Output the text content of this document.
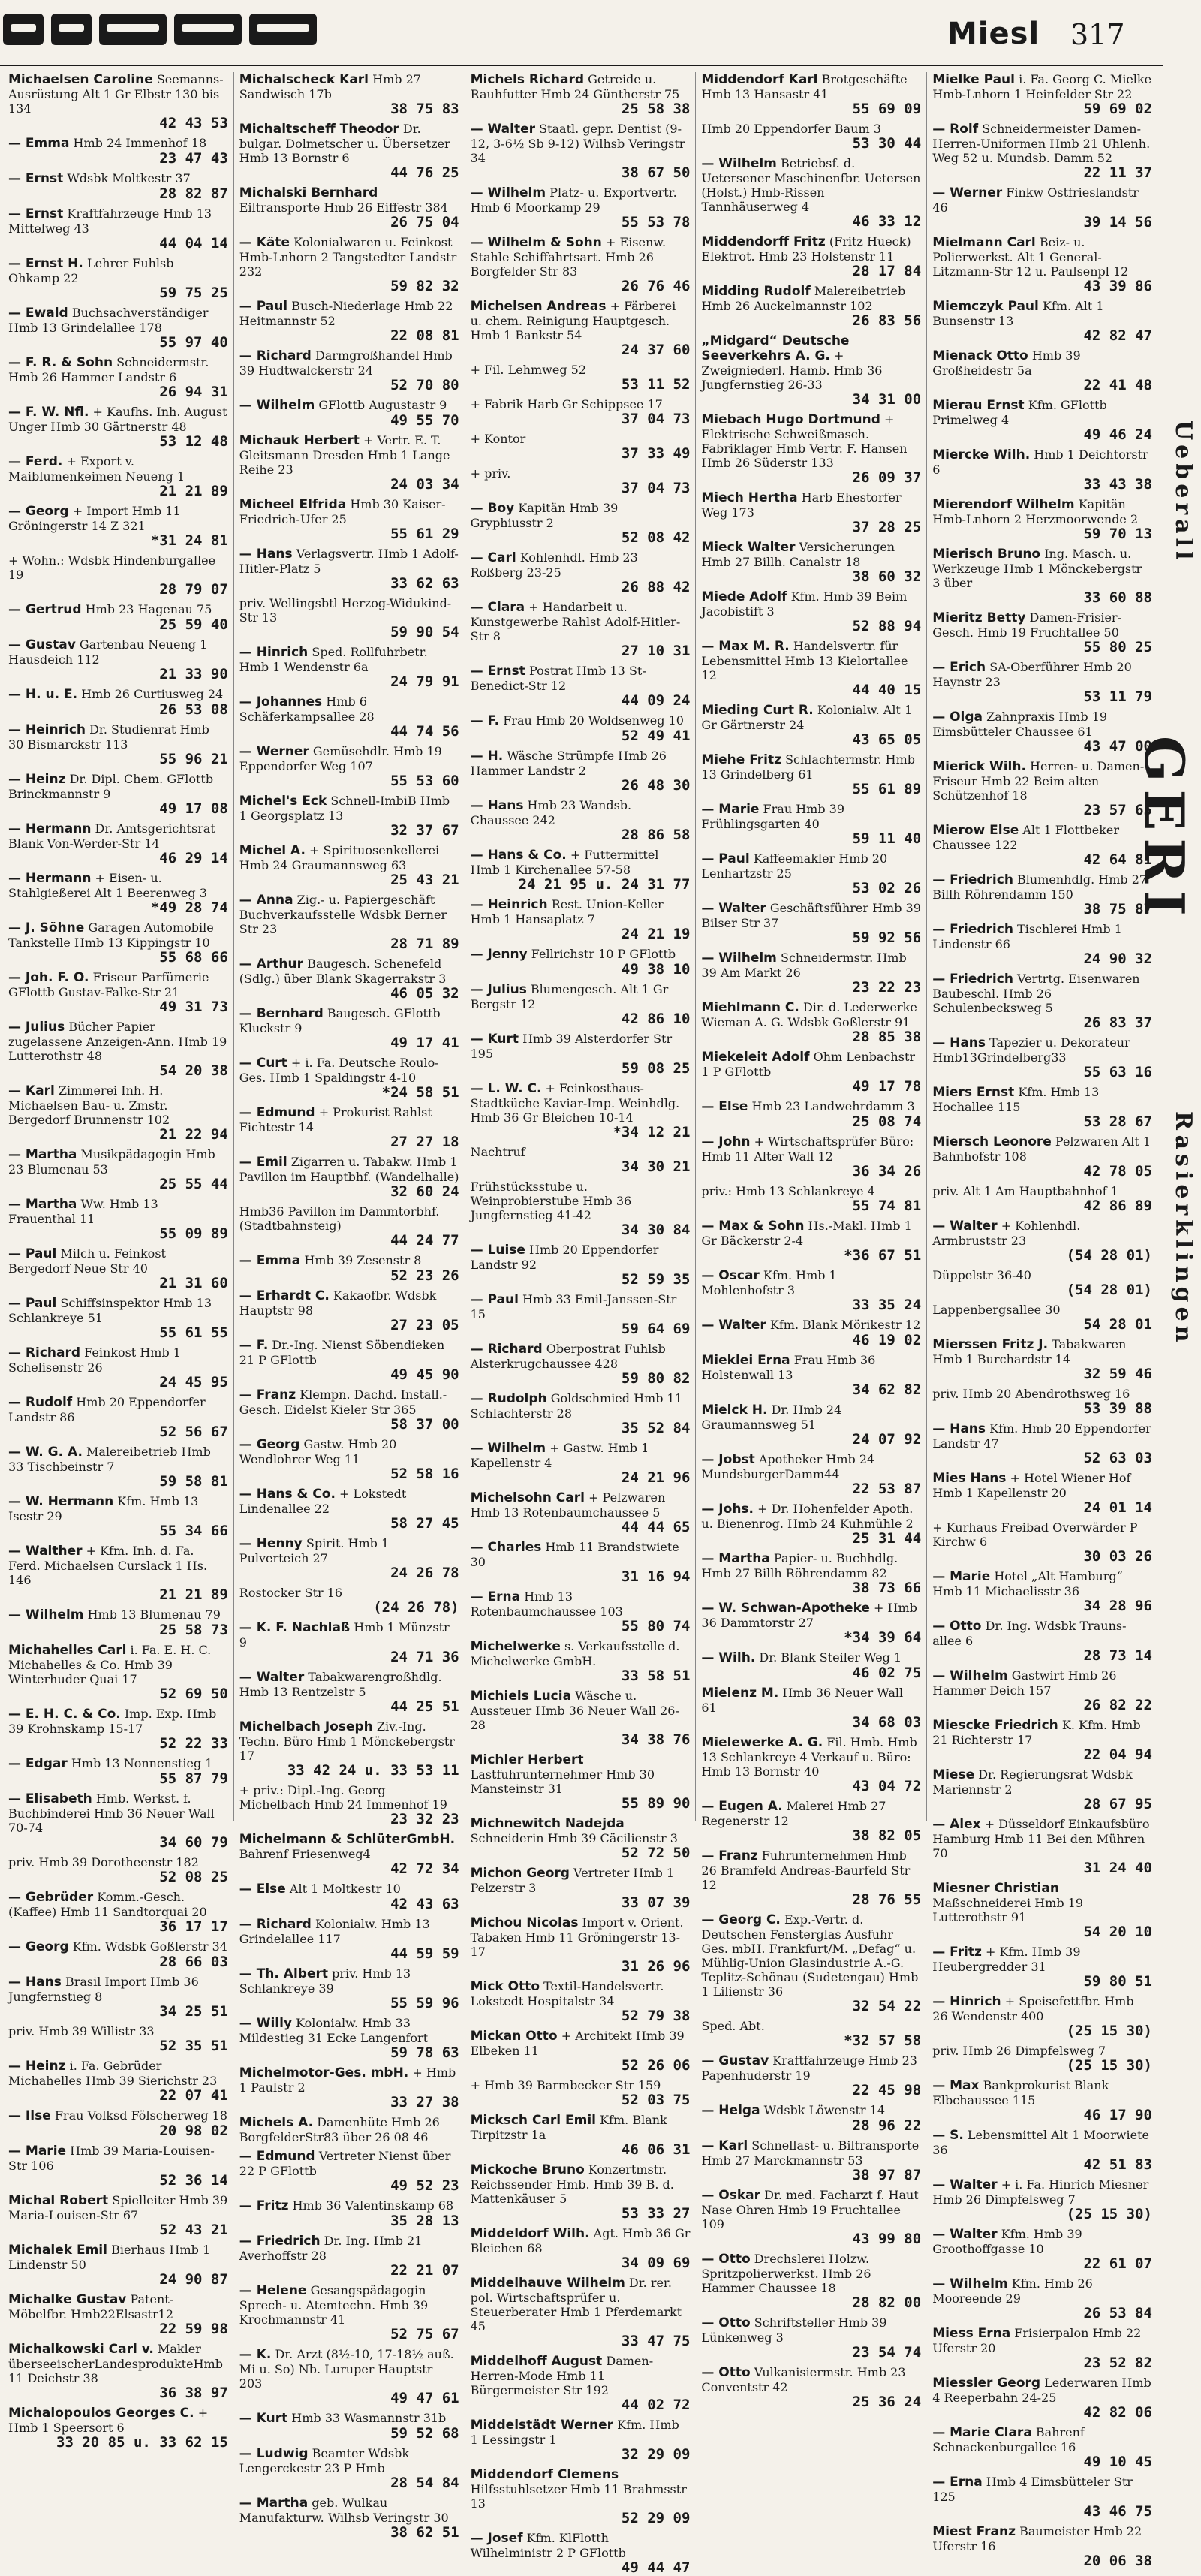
Miesl 317
Michaelsen Caroline Seemanns-Ausrüstung Alt 1 Gr Elbstr 130 bis 134
42 43 53
— Emma Hmb 24 Immenhof 18
23 47 43
— Ernst Wdsbk Moltkestr 37
28 82 87
— Ernst Kraftfahrzeuge Hmb 13 Mittelweg 43
44 04 14
— Ernst H. Lehrer Fuhlsb Ohkamp 22
59 75 25
— Ewald Buchsachverständiger Hmb 13 Grindelallee 178
55 97 40
— F. R. & Sohn Schneidermstr. Hmb 26 Hammer Landstr 6
26 94 31
— F. W. Nfl. + Kaufhs. Inh. August Unger Hmb 30 Gärtnerstr 48
53 12 48
— Ferd. + Export v. Maiblumenkeimen Neueng 1
21 21 89
— Georg + Import Hmb 11 Gröningerstr 14 Z 321
*31 24 81
+ Wohn.: Wdsbk Hindenburgallee 19
28 79 07
— Gertrud Hmb 23 Hagenau 75
25 59 40
— Gustav Gartenbau Neueng 1 Hausdeich 112
21 33 90
— H. u. E. Hmb 26 Curtiusweg 24
26 53 08
— Heinrich Dr. Studienrat Hmb 30 Bismarckstr 113
55 96 21
— Heinz Dr. Dipl. Chem. GFlottb Brinckmannstr 9
49 17 08
— Hermann Dr. Amtsgerichtsrat Blank Von-Werder-Str 14
46 29 14
— Hermann + Eisen- u. Stahlgießerei Alt 1 Beerenweg 3
*49 28 74
— J. Söhne Garagen Automobile Tankstelle Hmb 13 Kippingstr 10
55 68 66
— Joh. F. O. Friseur Parfümerie GFlottb Gustav-Falke-Str 21
49 31 73
— Julius Bücher Papier zugelassene Anzeigen-Ann. Hmb 19 Lutterothstr 48
54 20 38
— Karl Zimmerei Inh. H. Michaelsen Bau- u. Zmstr. Bergedorf Brunnenstr 102
21 22 94
— Martha Musikpädagogin Hmb 23 Blumenau 53
25 55 44
— Martha Ww. Hmb 13 Frauenthal 11
55 09 89
— Paul Milch u. Feinkost Bergedorf Neue Str 40
21 31 60
— Paul Schiffsinspektor Hmb 13 Schlankreye 51
55 61 55
— Richard Feinkost Hmb 1 Schelisenstr 26
24 45 95
— Rudolf Hmb 20 Eppendorfer Landstr 86
52 56 67
— W. G. A. Malereibetrieb Hmb 33 Tischbeinstr 7
59 58 81
— W. Hermann Kfm. Hmb 13 Isestr 29
55 34 66
— Walther + Kfm. Inh. d. Fa. Ferd. Michaelsen Curslack 1 Hs. 146
21 21 89
— Wilhelm Hmb 13 Blumenau 79
25 58 73
Michahelles Carl i. Fa. E. H. C. Michahelles & Co. Hmb 39 Winterhuder Quai 17
52 69 50
— E. H. C. & Co. Imp. Exp. Hmb 39 Krohnskamp 15-17
52 22 33
— Edgar Hmb 13 Nonnenstieg 1
55 87 79
— Elisabeth Hmb. Werkst. f. Buchbinderei Hmb 36 Neuer Wall 70-74
34 60 79
priv. Hmb 39 Dorotheenstr 182
52 08 25
— Gebrüder Komm.-Gesch. (Kaffee) Hmb 11 Sandtorquai 20
36 17 17
— Georg Kfm. Wdsbk Goßlerstr 34
28 66 03
— Hans Brasil Import Hmb 36 Jungfernstieg 8
34 25 51
priv. Hmb 39 Willistr 33
52 35 51
— Heinz i. Fa. Gebrüder Michahelles Hmb 39 Sierichstr 23
22 07 41
— Ilse Frau Volksd Fölscherweg 18
20 98 02
— Marie Hmb 39 Maria-Louisen-Str 106
52 36 14
Michal Robert Spielleiter Hmb 39 Maria-Louisen-Str 67
52 43 21
Michalek Emil Bierhaus Hmb 1 Lindenstr 50
24 90 87
Michalke Gustav Patent-Möbelfbr. Hmb22Elsastr12
22 59 98
Michalkowski Carl v. Makler überseeischerLandesprodukteHmb 11 Deichstr 38
36 38 97
Michalopoulos Georges C. + Hmb 1 Speersort 6
33 20 85 u. 33 62 15
Michalscheck Karl Hmb 27 Sandwisch 17b
38 75 83
Michaltscheff Theodor Dr. bulgar. Dolmetscher u. Übersetzer Hmb 13 Bornstr 6
44 76 25
Michalski Bernhard Eiltransporte Hmb 26 Eiffestr 384
26 75 04
— Käte Kolonialwaren u. Feinkost Hmb-Lnhorn 2 Tangstedter Landstr 232
59 82 32
— Paul Busch-Niederlage Hmb 22 Heitmannstr 52
22 08 81
— Richard Darmgroßhandel Hmb 39 Hudtwalckerstr 24
52 70 80
— Wilhelm GFlottb Augustastr 9
49 55 70
Michauk Herbert + Vertr. E. T. Gleitsmann Dresden Hmb 1 Lange Reihe 23
24 03 34
Micheel Elfrida Hmb 30 Kaiser-Friedrich-Ufer 25
55 61 29
— Hans Verlagsvertr. Hmb 1 Adolf-Hitler-Platz 5
33 62 63
priv. Wellingsbtl Herzog-Widukind-Str 13
59 90 54
— Hinrich Sped. Rollfuhrbetr. Hmb 1 Wendenstr 6a
24 79 91
— Johannes Hmb 6 Schäferkampsallee 28
44 74 56
— Werner Gemüsehdlr. Hmb 19 Eppendorfer Weg 107
55 53 60
Michel's Eck Schnell-ImbiB Hmb 1 Georgsplatz 13
32 37 67
Michel A. + Spirituosenkellerei Hmb 24 Graumannsweg 63
25 43 21
— Anna Zig.- u. Papiergeschäft Buchverkaufsstelle Wdsbk Berner Str 23
28 71 89
— Arthur Baugesch. Schenefeld (Sdlg.) über Blank Skagerrakstr 3
46 05 32
— Bernhard Baugesch. GFlottb Kluckstr 9
49 17 41
— Curt + i. Fa. Deutsche Roulo-Ges. Hmb 1 Spaldingstr 4-10
*24 58 51
— Edmund + Prokurist Rahlst Fichtestr 14
27 27 18
— Emil Zigarren u. Tabakw. Hmb 1 Pavillon im Hauptbhf. (Wandelhalle)
32 60 24
Hmb36 Pavillon im Dammtorbhf. (Stadtbahnsteig)
44 24 77
— Emma Hmb 39 Zesenstr 8
52 23 26
— Erhardt C. Kakaofbr. Wdsbk Hauptstr 98
27 23 05
— F. Dr.-Ing. Nienst Söbendieken 21 P GFlottb
49 45 90
— Franz Klempn. Dachd. Install.-Gesch. Eidelst Kieler Str 365
58 37 00
— Georg Gastw. Hmb 20 Wendlohrer Weg 11
52 58 16
— Hans & Co. + Lokstedt Lindenallee 22
58 27 45
— Henny Spirit. Hmb 1 Pulverteich 27
24 26 78
Rostocker Str 16
(24 26 78)
— K. F. Nachlaß Hmb 1 Münzstr 9
24 71 36
— Walter Tabakwarengroßhdlg. Hmb 13 Rentzelstr 5
44 25 51
Michelbach Joseph Ziv.-Ing. Techn. Büro Hmb 1 Mönckebergstr 17
33 42 24 u. 33 53 11
+ priv.: Dipl.-Ing. Georg Michelbach Hmb 24 Immenhof 19
23 32 23
Michelmann & SchlüterGmbH. Bahrenf Friesenweg4
42 72 34
— Else Alt 1 Moltkestr 10
42 43 63
— Richard Kolonialw. Hmb 13 Grindelallee 117
44 59 59
— Th. Albert priv. Hmb 13 Schlankreye 39
55 59 96
— Willy Kolonialw. Hmb 33 Mildestieg 31 Ecke Langenfort
59 78 63
Michelmotor-Ges. mbH. + Hmb 1 Paulstr 2
33 27 38
Michels A. Damenhüte Hmb 26 BorgfelderStr83 über 26 08 46
— Edmund Vertreter Nienst über 22 P GFlottb
49 52 23
— Fritz Hmb 36 Valentinskamp 68
35 28 13
— Friedrich Dr. Ing. Hmb 21 Averhoffstr 28
22 21 07
— Helene Gesangspädagogin Sprech- u. Atemtechn. Hmb 39 Krochmannstr 41
52 75 67
— K. Dr. Arzt (8½-10, 17-18½ auß. Mi u. So) Nb. Luruper Hauptstr 203
49 47 61
— Kurt Hmb 33 Wasmannstr 31b
59 52 68
— Ludwig Beamter Wdsbk Lengerckestr 23 P Hmb
28 54 84
— Martha geb. Wulkau Manufakturw. Wilhsb Veringstr 30
38 62 51
Michels Richard Getreide u. Rauhfutter Hmb 24 Güntherstr 75
25 58 38
— Walter Staatl. gepr. Dentist (9-12, 3-6½ Sb 9-12) Wilhsb Veringstr 34
38 67 50
— Wilhelm Platz- u. Exportvertr. Hmb 6 Moorkamp 29
55 53 78
— Wilhelm & Sohn + Eisenw. Stahle Schiffahrtsart. Hmb 26 Borgfelder Str 83
26 76 46
Michelsen Andreas + Färberei u. chem. Reinigung Hauptgesch. Hmb 1 Bankstr 54
24 37 60
+ Fil. Lehmweg 52
53 11 52
+ Fabrik Harb Gr Schippsee 17
37 04 73
+ Kontor
37 33 49
+ priv.
37 04 73
— Boy Kapitän Hmb 39 Gryphiusstr 2
52 08 42
— Carl Kohlenhdl. Hmb 23 Roßberg 23-25
26 88 42
— Clara + Handarbeit u. Kunstgewerbe Rahlst Adolf-Hitler-Str 8
27 10 31
— Ernst Postrat Hmb 13 St-Benedict-Str 12
44 09 24
— F. Frau Hmb 20 Woldsenweg 10
52 49 41
— H. Wäsche Strümpfe Hmb 26 Hammer Landstr 2
26 48 30
— Hans Hmb 23 Wandsb. Chaussee 242
28 86 58
— Hans & Co. + Futtermittel Hmb 1 Kirchenallee 57-58
24 21 95 u. 24 31 77
— Heinrich Rest. Union-Keller Hmb 1 Hansaplatz 7
24 21 19
— Jenny Fellrichstr 10 P GFlottb
49 38 10
— Julius Blumengesch. Alt 1 Gr Bergstr 12
42 86 10
— Kurt Hmb 39 Alsterdorfer Str 195
59 08 25
— L. W. C. + Feinkosthaus-Stadtküche Kaviar-Imp. Weinhdlg. Hmb 36 Gr Bleichen 10-14
*34 12 21
Nachtruf
34 30 21
Frühstücksstube u. Weinprobierstube Hmb 36 Jungfernstieg 41-42
34 30 84
— Luise Hmb 20 Eppendorfer Landstr 92
52 59 35
— Paul Hmb 33 Emil-Janssen-Str 15
59 64 69
— Richard Oberpostrat Fuhlsb Alsterkrugchaussee 428
59 80 82
— Rudolph Goldschmied Hmb 11 Schlachterstr 28
35 52 84
— Wilhelm + Gastw. Hmb 1 Kapellenstr 4
24 21 96
Michelsohn Carl + Pelzwaren Hmb 13 Rotenbaumchaussee 5
44 44 65
— Charles Hmb 11 Brandstwiete 30
31 16 94
— Erna Hmb 13 Rotenbaumchaussee 103
55 80 74
Michelwerke s. Verkaufsstelle d. Michelwerke GmbH.
33 58 51
Michiels Lucia Wäsche u. Aussteuer Hmb 36 Neuer Wall 26-28
34 38 76
Michler Herbert Lastfuhrunternehmer Hmb 30 Mansteinstr 31
55 89 90
Michnewitch Nadejda Schneiderin Hmb 39 Cäcilienstr 3
52 72 50
Michon Georg Vertreter Hmb 1 Pelzerstr 3
33 07 39
Michou Nicolas Import v. Orient. Tabaken Hmb 11 Gröningerstr 13-17
31 26 96
Mick Otto Textil-Handelsvertr. Lokstedt Hospitalstr 34
52 79 38
Mickan Otto + Architekt Hmb 39 Elbeken 11
52 26 06
+ Hmb 39 Barmbecker Str 159
52 03 75
Micksch Carl Emil Kfm. Blank Tirpitzstr 1a
46 06 31
Mickoche Bruno Konzertmstr. Reichssender Hmb. Hmb 39 B. d. Mattenkäuser 5
53 33 27
Middeldorf Wilh. Agt. Hmb 36 Gr Bleichen 68
34 09 69
Middelhauve Wilhelm Dr. rer. pol. Wirtschaftsprüfer u. Steuerberater Hmb 1 Pferdemarkt 45
33 47 75
Middelhoff August Damen-Herren-Mode Hmb 11 Bürgermeister Str 192
44 02 72
Middelstädt Werner Kfm. Hmb 1 Lessingstr 1
32 29 09
Middendorf Clemens Hilfsstuhlsetzer Hmb 11 Brahmsstr 13
52 29 09
— Josef Kfm. KlFlotth Wilhelministr 2 P GFlottb
49 44 47
Middendorf Karl Brotgeschäfte Hmb 13 Hansastr 41
55 69 09
Hmb 20 Eppendorfer Baum 3
53 30 44
— Wilhelm Betriebsf. d. Uetersener Maschinenfbr. Uetersen (Holst.) Hmb-Rissen Tannhäuserweg 4
46 33 12
Middendorff Fritz (Fritz Hueck) Elektrot. Hmb 23 Holstenstr 11
28 17 84
Midding Rudolf Malereibetrieb Hmb 26 Auckelmannstr 102
26 83 56
„Midgard“ Deutsche Seeverkehrs A. G. + Zweigniederl. Hamb. Hmb 36 Jungfernstieg 26-33
34 31 00
Miebach Hugo Dortmund + Elektrische Schweißmasch. Fabriklager Hmb Vertr. F. Hansen Hmb 26 Süderstr 133
26 09 37
Miech Hertha Harb Ehestorfer Weg 173
37 28 25
Mieck Walter Versicherungen Hmb 27 Billh. Canalstr 18
38 60 32
Miede Adolf Kfm. Hmb 39 Beim Jacobistift 3
52 88 94
— Max M. R. Handelsvertr. für Lebensmittel Hmb 13 Kielortallee 12
44 40 15
Mieding Curt R. Kolonialw. Alt 1 Gr Gärtnerstr 24
43 65 05
Miehe Fritz Schlachtermstr. Hmb 13 Grindelberg 61
55 61 89
— Marie Frau Hmb 39 Frühlingsgarten 40
59 11 40
— Paul Kaffeemakler Hmb 20 Lenhartzstr 25
53 02 26
— Walter Geschäftsführer Hmb 39 Bilser Str 37
59 92 56
— Wilhelm Schneidermstr. Hmb 39 Am Markt 26
23 22 23
Miehlmann C. Dir. d. Lederwerke Wieman A. G. Wdsbk Goßlerstr 91
28 85 38
Miekeleit Adolf Ohm Lenbachstr 1 P GFlottb
49 17 78
— Else Hmb 23 Landwehrdamm 3
25 08 74
— John + Wirtschaftsprüfer Büro: Hmb 11 Alter Wall 12
36 34 26
priv.: Hmb 13 Schlankreye 4
55 74 81
— Max & Sohn Hs.-Makl. Hmb 1 Gr Bäckerstr 2-4
*36 67 51
— Oscar Kfm. Hmb 1 Mohlenhofstr 3
33 35 24
— Walter Kfm. Blank Mörikestr 12
46 19 02
Mieklei Erna Frau Hmb 36 Holstenwall 13
34 62 82
Mielck H. Dr. Hmb 24 Graumannsweg 51
24 07 92
— Jobst Apotheker Hmb 24 MundsburgerDamm44
22 53 87
— Johs. + Dr. Hohenfelder Apoth. u. Bienenrog. Hmb 24 Kuhmühle 2
25 31 44
— Martha Papier- u. Buchhdlg. Hmb 27 Billh Röhrendamm 82
38 73 66
— W. Schwan-Apotheke + Hmb 36 Dammtorstr 27
*34 39 64
— Wilh. Dr. Blank Steiler Weg 1
46 02 75
Mielenz M. Hmb 36 Neuer Wall 61
34 68 03
Mielewerke A. G. Fil. Hmb. Hmb 13 Schlankreye 4 Verkauf u. Büro: Hmb 13 Bornstr 40
43 04 72
— Eugen A. Malerei Hmb 27 Regenerstr 12
38 82 05
— Franz Fuhrunternehmen Hmb 26 Bramfeld Andreas-Baurfeld Str 12
28 76 55
— Georg C. Exp.-Vertr. d. Deutschen Fensterglas Ausfuhr Ges. mbH. Frankfurt/M. „Defag“ u. Mühlig-Union Glasindustrie A.-G. Teplitz-Schönau (Sudetengau) Hmb 1 Lilienstr 36
32 54 22
Sped. Abt.
*32 57 58
— Gustav Kraftfahrzeuge Hmb 23 Papenhuderstr 19
22 45 98
— Helga Wdsbk Löwenstr 14
28 96 22
— Karl Schnellast- u. Biltransporte Hmb 27 Marckmannstr 53
38 97 87
— Oskar Dr. med. Facharzt f. Haut Nase Ohren Hmb 19 Fruchtallee 109
43 99 80
— Otto Drechslerei Holzw. Spritzpolierwerkst. Hmb 26 Hammer Chaussee 18
28 82 00
— Otto Schriftsteller Hmb 39 Lünkenweg 3
23 54 74
— Otto Vulkanisiermstr. Hmb 23 Conventstr 42
25 36 24
Mielke Paul i. Fa. Georg C. Mielke Hmb-Lnhorn 1 Heinfelder Str 22
59 69 02
— Rolf Schneidermeister Damen-Herren-Uniformen Hmb 21 Uhlenh. Weg 52 u. Mundsb. Damm 52
22 11 37
— Werner Finkw Ostfrieslandstr 46
39 14 56
Mielmann Carl Beiz- u. Polierwerkst. Alt 1 General-Litzmann-Str 12 u. Paulsenpl 12
43 39 86
Miemczyk Paul Kfm. Alt 1 Bunsenstr 13
42 82 47
Mienack Otto Hmb 39 Großheidestr 5a
22 41 48
Mierau Ernst Kfm. GFlottb Primelweg 4
49 46 24
Miercke Wilh. Hmb 1 Deichtorstr 6
33 43 38
Mierendorf Wilhelm Kapitän Hmb-Lnhorn 2 Herzmoorwende 2
59 70 13
Mierisch Bruno Ing. Masch. u. Werkzeuge Hmb 1 Mönckebergstr 3 über
33 60 88
Mieritz Betty Damen-Frisier-Gesch. Hmb 19 Fruchtallee 50
55 80 25
— Erich SA-Oberführer Hmb 20 Haynstr 23
53 11 79
— Olga Zahnpraxis Hmb 19 Eimsbütteler Chaussee 61
43 47 00
Mierick Wilh. Herren- u. Damen-Friseur Hmb 22 Beim alten Schützenhof 18
23 57 65
Mierow Else Alt 1 Flottbeker Chaussee 122
42 64 81
— Friedrich Blumenhdlg. Hmb 27 Billh Röhrendamm 150
38 75 87
— Friedrich Tischlerei Hmb 1 Lindenstr 66
24 90 32
— Friedrich Vertrtg. Eisenwaren Baubeschl. Hmb 26 Schulenbecksweg 5
26 83 37
— Hans Tapezier u. Dekorateur Hmb13Grindelberg33
55 63 16
Miers Ernst Kfm. Hmb 13 Hochallee 115
53 28 67
Miersch Leonore Pelzwaren Alt 1 Bahnhofstr 108
42 78 05
priv. Alt 1 Am Hauptbahnhof 1
42 86 89
— Walter + Kohlenhdl. Armbruststr 23
(54 28 01)
Düppelstr 36-40
(54 28 01)
Lappenbergsallee 30
54 28 01
Mierssen Fritz J. Tabakwaren Hmb 1 Burchardstr 14
32 59 46
priv. Hmb 20 Abendrothsweg 16
53 39 88
— Hans Kfm. Hmb 20 Eppendorfer Landstr 47
52 63 03
Mies Hans + Hotel Wiener Hof Hmb 1 Kapellenstr 20
24 01 14
+ Kurhaus Freibad Overwärder P Kirchw 6
30 03 26
— Marie Hotel „Alt Hamburg“ Hmb 11 Michaelisstr 36
34 28 96
— Otto Dr. Ing. Wdsbk Trauns-allee 6
28 73 14
— Wilhelm Gastwirt Hmb 26 Hammer Deich 157
26 82 22
Miescke Friedrich K. Kfm. Hmb 21 Richterstr 17
22 04 94
Miese Dr. Regierungsrat Wdsbk Mariennstr 2
28 67 95
— Alex + Düsseldorf Einkaufsbüro Hamburg Hmb 11 Bei den Mühren 70
31 24 40
Miesner Christian Maßschneiderei Hmb 19 Lutterothstr 91
54 20 10
— Fritz + Kfm. Hmb 39 Heubergredder 31
59 80 51
— Hinrich + Speisefettfbr. Hmb 26 Wendenstr 400
(25 15 30)
priv. Hmb 26 Dimpfelsweg 7
(25 15 30)
— Max Bankprokurist Blank Elbchaussee 115
46 17 90
— S. Lebensmittel Alt 1 Moorwiete 36
42 51 83
— Walter + i. Fa. Hinrich Miesner Hmb 26 Dimpfelsweg 7
(25 15 30)
— Walter Kfm. Hmb 39 Groothoffgasse 10
22 61 07
— Wilhelm Kfm. Hmb 26 Mooreende 29
26 53 84
Miess Erna Frisierpalon Hmb 22 Uferstr 20
23 52 82
Miessler Georg Lederwaren Hmb 4 Reeperbahn 24-25
42 82 06
— Marie Clara Bahrenf Schnackenburgallee 16
49 10 45
— Erna Hmb 4 Eimsbütteler Str 125
43 46 75
Miest Franz Baumeister Hmb 22 Uferstr 16
20 06 38
Ueberall
GERI
Rasierklingen
